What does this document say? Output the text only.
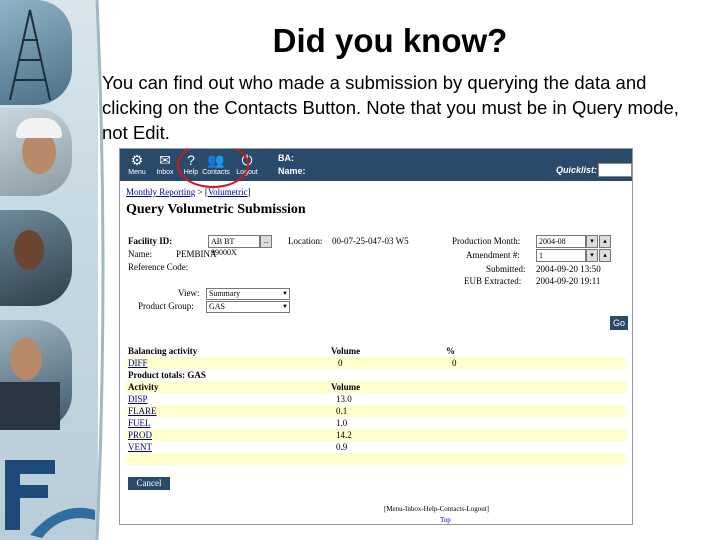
Did you know?

You can find out who made a submission by querying the data and clicking on the Contacts Button. Note that you must be in Query mode, not Edit.

⚙
Menu
✉
Inbox
?
Help
👥
Contacts
⏻
Logout
BA:
Name:	Quicklist:
Monthly Reporting > [Volumetric]
Query Volumetric Submission
Facility ID:	AB BT 99000X
...
Name:	PEMBINA
Reference Code:
Location: 00-07-25-047-03 W5	Production Month:	2004-08	▾	▴
Amendment #:	1	▾	▴
Submitted: 2004-09-20 13:50
EUB Extracted: 2004-09-20 19:11
View:	Summary ▼
Product Group:	GAS ▼
Go
Balancing activity	Volume	%
DIFF	0	0
Product totals: GAS
Activity	Volume
DISP	13.0
FLARE	0.1
FUEL	1.0
PROD	14.2
VENT	0.9
Cancel
[Menu-Inbox-Help-Contacts-Logout]
Top
